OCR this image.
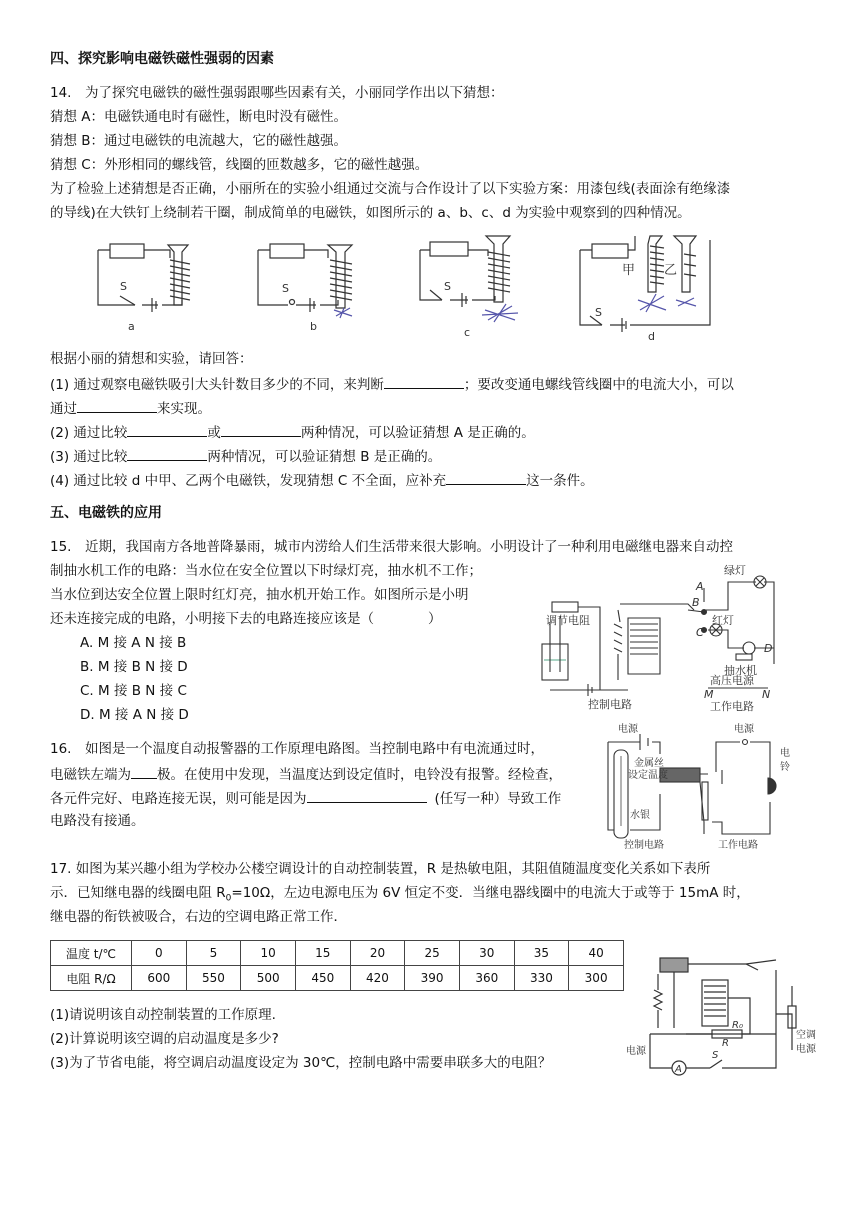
四、探究影响电磁铁磁性强弱的因素
14.　为了探究电磁铁的磁性强弱跟哪些因素有关，小丽同学作出以下猜想：
猜想 A：电磁铁通电时有磁性，断电时没有磁性。
猜想 B：通过电磁铁的电流越大，它的磁性越强。
猜想 C：外形相同的螺线管，线圈的匝数越多，它的磁性越强。
为了检验上述猜想是否正确，小丽所在的实验小组通过交流与合作设计了以下实验方案：用漆包线(表面涂有绝缘漆
的导线)在大铁钉上绕制若干圈，制成简单的电磁铁，如图所示的 a、b、c、d 为实验中观察到的四种情况。
S
a
S
b
S
c
S
d
甲 乙
根据小丽的猜想和实验，请回答：
(1) 通过观察电磁铁吸引大头针数目多少的不同，来判断	；要改变通电螺线管线圈中的电流大小，可以
通过	来实现。
(2) 通过比较	或	两种情况，可以验证猜想 A 是正确的。
(3) 通过比较	两种情况，可以验证猜想 B 是正确的。
(4) 通过比较 d 中甲、乙两个电磁铁，发现猜想 C 不全面，应补充	这一条件。
五、电磁铁的应用
15.　近期，我国南方各地普降暴雨，城市内涝给人们生活带来很大影响。小明设计了一种利用电磁继电器来自动控
制抽水机工作的电路：当水位在安全位置以下时绿灯亮，抽水机不工作；
当水位到达安全位置上限时红灯亮，抽水机开始工作。如图所示是小明
还未连接完成的电路，小明接下去的电路连接应该是（　　　　）
A. M 接 A N 接 B
B. M 接 B N 接 D
C. M 接 B N 接 C
D. M 接 A N 接 D
绿灯
A
B
红灯
C
D
抽水机
调节电阻
高压电源
M	N
控制电路	工作电路
16.　如图是一个温度自动报警器的工作原理电路图。当控制电路中有电流通过时，
电磁铁左端为 极。在使用中发现，当温度达到设定值时，电铃没有报警。经检查，
各元件完好、电路连接无误，则可能是因为	(任写一种）导致工作
电路没有接通。
电源	电源
金属丝
设定温度
水银
电
铃
控制电路	工作电路
17. 如图为某兴趣小组为学校办公楼空调设计的自动控制装置，R 是热敏电阻，其阻值随温度变化关系如下表所
示．已知继电器的线圈电阻 $R_0=10\Omega$，左边电源电压为 6V 恒定不变．当继电器线圈中的电流大于或等于 15mA 时，
继电器的衔铁被吸合，右边的空调电路正常工作．
温度 t/℃	0	5	10	15	20	25	30	35	40
电阻 R/Ω	600	550	500	450	420	390	360	330	300
(1)请说明该自动控制装置的工作原理.
(2)计算说明该空调的启动温度是多少?
(3)为了节省电能，将空调启动温度设定为 30℃，控制电路中需要串联多大的电阻？
空调
电源
电源
R₀
R
S
A
